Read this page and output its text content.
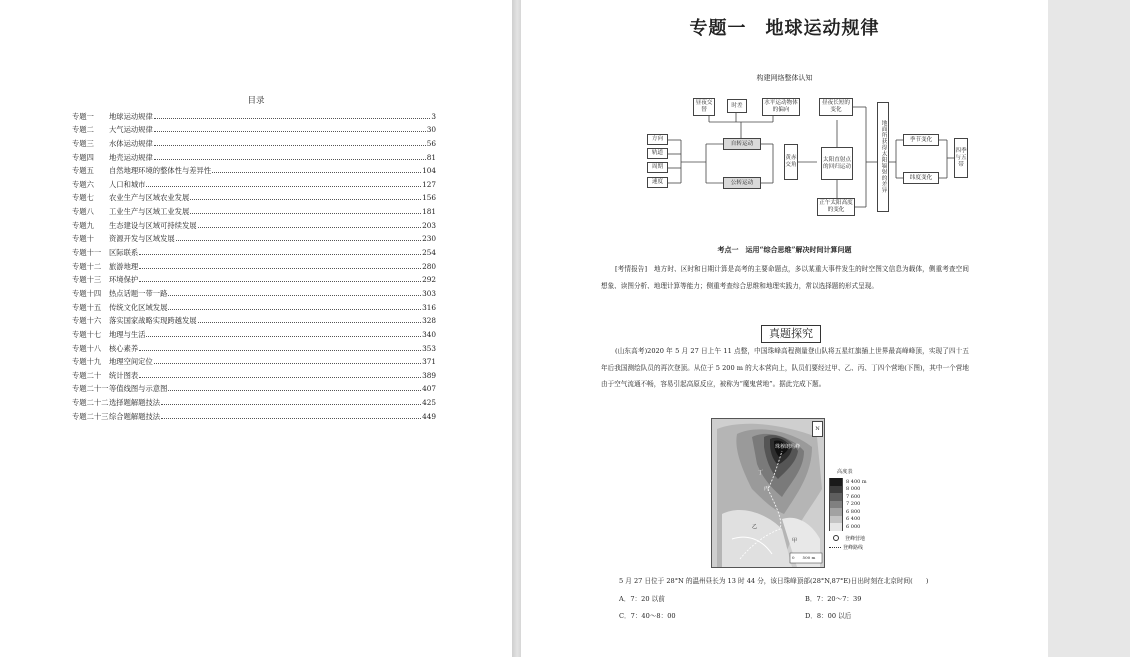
目录
专题一	地球运动规律	3
专题二	大气运动规律	30
专题三	水体运动规律	56
专题四	地壳运动规律	81
专题五	自然地理环境的整体性与差异性	104
专题六	人口和城市	127
专题七	农业生产与区域农业发展	156
专题八	工业生产与区域工业发展	181
专题九	生态建设与区域可持续发展	203
专题十	资源开发与区域发展	230
专题十一	区际联系	254
专题十二	旅游地理	280
专题十三	环境保护	292
专题十四	热点话题一带一路	303
专题十五	传统文化区域发展	316
专题十六	落实国家战略实现跨越发展	328
专题十七	地理与生活	340
专题十八	核心素养	353
专题十九	地理空间定位	371
专题二十	统计图表	389
专题二十一 等值线图与示意图	407
专题二十二 选择题解题技法	425
专题二十三 综合题解题技法	449
专题一　地球运动规律
构建网络整体认知
昼夜交替
时差	水平运动物体的偏向
昼夜长短的变化
地面所获得太阳辐射的差异	季节变化
四季与五带
方向
轨道
周期
速度
自转运动
公转运动
黄赤交角
太阳直射点的回归运动
纬度变化
正午太阳高度的变化
考点一　运用“综合思维”解决时间计算问题
[考情报告]　地方时、区时和日期计算是高考的主要命题点，多以某重大事件发生的时空图文信息为载体，侧重考查空间想象、读图分析、地理计算等能力；侧重考查综合思维和地理实践力，常以选择题的形式呈现。
真题探究
(山东高考)2020 年 5 月 27 日上午 11 点整，中国珠峰高程测量登山队将五星红旗插上世界最高峰峰顶，实现了四十五年后我国测绘队员的再次登顶。从位于 5 200 m 的大本营向上，队员们要经过甲、乙、丙、丁四个营地(下图)，其中一个营地由于空气流通不畅，容易引起高原反应，被称为“魔鬼营地”。据此完成下题。
N
珠穆朗玛峰
丁
丙
乙
甲
0　　500 m
高度表
8 400 m
8 000
7 600
7 200
6 800
6 400
6 000
登峰营地
登峰路线
5 月 27 日位于 28°N 的温州昼长为 13 时 44 分，该日珠峰顶部(28°N,87°E)日出时刻在北京时间(　　)
A．7：20 以前	B．7：20～7：39
C．7：40～8：00	D．8：00 以后
